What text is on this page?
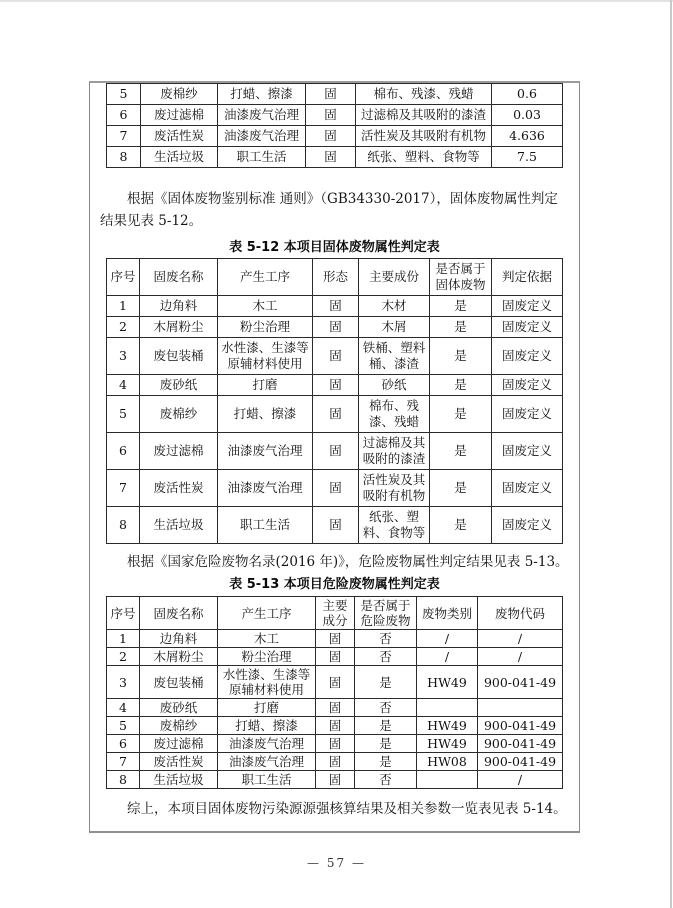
5	废棉纱	打蜡、擦漆	固	棉布、残漆、残蜡	0.6
6	废过滤棉	油漆废气治理	固	过滤棉及其吸附的漆渣	0.03
7	废活性炭	油漆废气治理	固	活性炭及其吸附有机物	4.636
8	生活垃圾	职工生活	固	纸张、塑料、食物等	7.5

根据《固体废物鉴别标准 通则》（GB34330-2017），固体废物属性判定结果见表 5-12。

表 5-12 本项目固体废物属性判定表
序号	固废名称	产生工序	形态	主要成份	是否属于固体废物	判定依据
1	边角料	木工	固	木材	是	固废定义
2	木屑粉尘	粉尘治理	固	木屑	是	固废定义
3	废包装桶	水性漆、生漆等原辅材料使用	固	铁桶、塑料桶、漆渣	是	固废定义
4	废砂纸	打磨	固	砂纸	是	固废定义
5	废棉纱	打蜡、擦漆	固	棉布、残漆、残蜡	是	固废定义
6	废过滤棉	油漆废气治理	固	过滤棉及其吸附的漆渣	是	固废定义
7	废活性炭	油漆废气治理	固	活性炭及其吸附有机物	是	固废定义
8	生活垃圾	职工生活	固	纸张、塑料、食物等	是	固废定义

根据《国家危险废物名录(2016 年)》，危险废物属性判定结果见表 5-13。

表 5-13 本项目危险废物属性判定表
序号	固废名称	产生工序	主要成分	是否属于危险废物	废物类别	废物代码
1	边角料	木工	固	否	/	/
2	木屑粉尘	粉尘治理	固	否	/	/
3	废包装桶	水性漆、生漆等原辅材料使用	固	是	HW49	900-041-49
4	废砂纸	打磨	固	否		
5	废棉纱	打蜡、擦漆	固	是	HW49	900-041-49
6	废过滤棉	油漆废气治理	固	是	HW49	900-041-49
7	废活性炭	油漆废气治理	固	是	HW08	900-041-49
8	生活垃圾	职工生活	固	否		/

综上，本项目固体废物污染源源强核算结果及相关参数一览表见表 5-14。

— 57 —
